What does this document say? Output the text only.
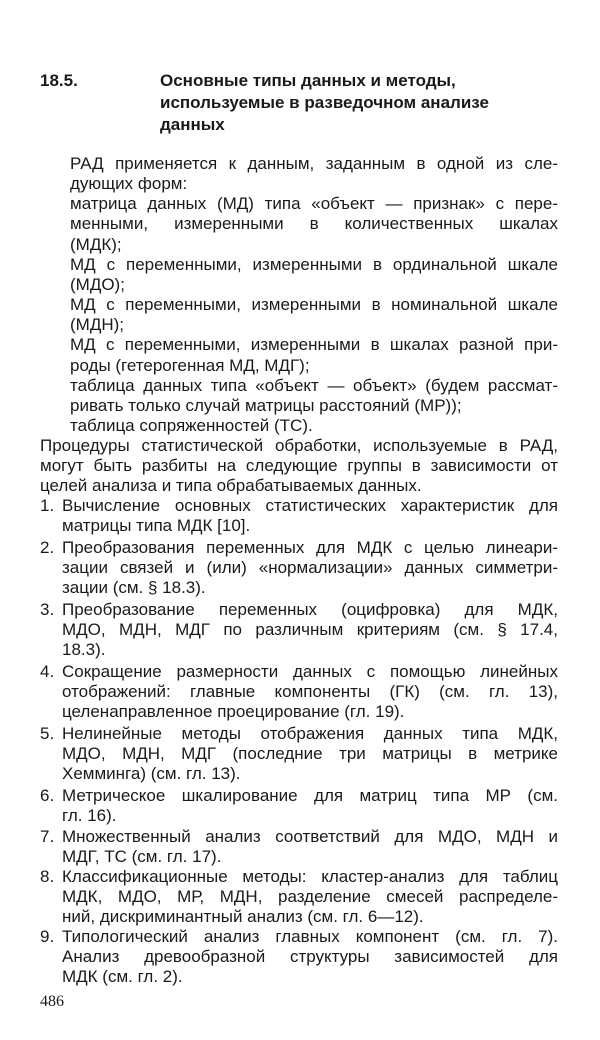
18.5.	Основные типы данных и методы,
используемые в разведочном анализе
данных
РАД применяется к данным, заданным в одной из сле-
дующих форм:
матрица данных (МД) типа «объект — признак» с пере-
менными, измеренными в количественных шкалах
(МДК);
МД с переменными, измеренными в ординальной шкале
(МДО);
МД с переменными, измеренными в номинальной шкале
(МДН);
МД с переменными, измеренными в шкалах разной при-
роды (гетерогенная МД, МДГ);
таблица данных типа «объект — объект» (будем рассмат-
ривать только случай матрицы расстояний (МР));
таблица сопряженностей (ТС).
Процедуры статистической обработки, используемые в РАД,
могут быть разбиты на следующие группы в зависимости от
целей анализа и типа обрабатываемых данных.
1. Вычисление основных статистических характеристик для
матрицы типа МДК [10].
2. Преобразования переменных для МДК с целью линеари-
зации связей и (или) «нормализации» данных симметри-
зации (см. § 18.3).
3. Преобразование переменных (оцифровка) для МДК,
МДО, МДН, МДГ по различным критериям (см. § 17.4,
18.3).
4. Сокращение размерности данных с помощью линейных
отображений: главные компоненты (ГК) (см. гл. 13),
целенаправленное проецирование (гл. 19).
5. Нелинейные методы отображения данных типа МДК,
МДО, МДН, МДГ (последние три матрицы в метрике
Хемминга) (см. гл. 13).
6. Метрическое шкалирование для матриц типа МР (см.
гл. 16).
7. Множественный анализ соответствий для МДО, МДН и
МДГ, ТС (см. гл. 17).
8. Классификационные методы: кластер-анализ для таблиц
МДК, МДО, МР, МДН, разделение смесей распределе-
ний, дискриминантный анализ (см. гл. 6—12).
9. Типологический анализ главных компонент (см. гл. 7).
Анализ древообразной структуры зависимостей для
МДК (см. гл. 2).
486
